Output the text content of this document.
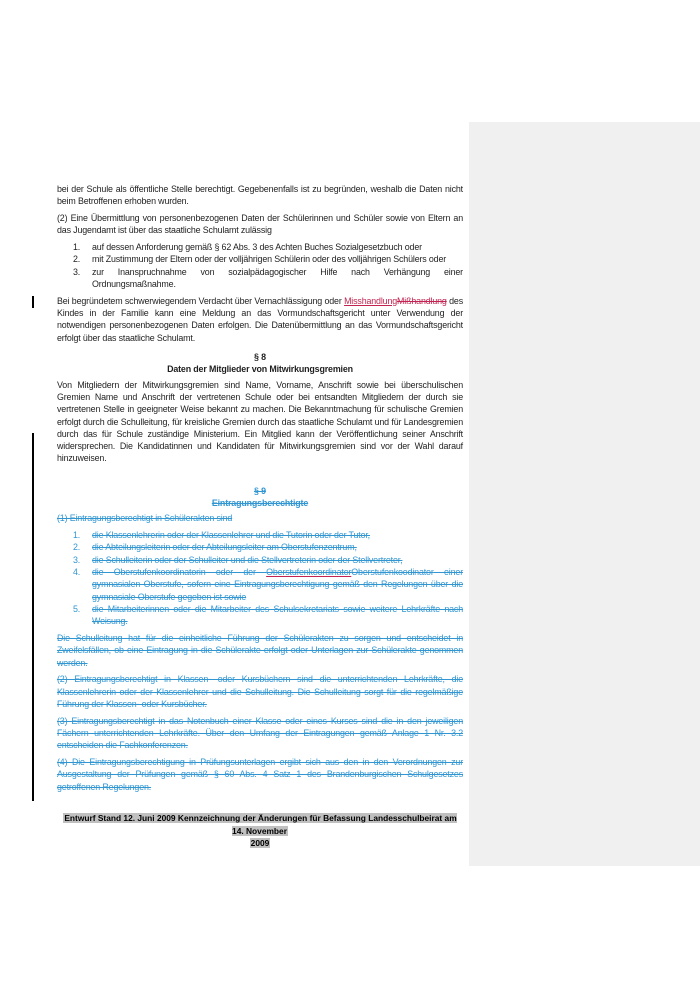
bei der Schule als öffentliche Stelle berechtigt. Gegebenenfalls ist zu begründen, weshalb die Daten nicht beim Betroffenen erhoben wurden.

(2) Eine Übermittlung von personenbezogenen Daten der Schülerinnen und Schüler sowie von Eltern an das Jugendamt ist über das staatliche Schulamt zulässig

1. auf dessen Anforderung gemäß § 62 Abs. 3 des Achten Buches Sozialgesetzbuch oder
2. mit Zustimmung der Eltern oder der volljährigen Schülerin oder des volljährigen Schülers oder
3. zur Inanspruchnahme von sozialpädagogischer Hilfe nach Verhängung einer Ordnungsmaßnahme.

Bei begründetem schwerwiegendem Verdacht über Vernachlässigung oder MisshandlungMißhandlung des Kindes in der Familie kann eine Meldung an das Vormundschaftsgericht unter Verwendung der notwendigen personenbezogenen Daten erfolgen. Die Datenübermittlung an das Vormundschaftsgericht erfolgt über das staatliche Schulamt.

§ 8
Daten der Mitglieder von Mitwirkungsgremien

Von Mitgliedern der Mitwirkungsgremien sind Name, Vorname, Anschrift sowie bei überschulischen Gremien Name und Anschrift der vertretenen Schule oder bei entsandten Mitgliedern der durch sie vertretenen Stelle in geeigneter Weise bekannt zu machen. Die Bekanntmachung für schulische Gremien erfolgt durch die Schulleitung, für kreisliche Gremien durch das staatliche Schulamt und für Landesgremien durch das für Schule zuständige Ministerium. Ein Mitglied kann der Veröffentlichung seiner Anschrift widersprechen. Die Kandidatinnen und Kandidaten für Mitwirkungsgremien sind vor der Wahl darauf hinzuweisen.

§ 9
Eintragungsberechtigte

(1) Eintragungsberechtigt in Schülerakten sind

1. die Klassenlehrerin oder der Klassenlehrer und die Tutorin oder der Tutor,
2. die Abteilungsleiterin oder der Abteilungsleiter am Oberstufenzentrum,
3. die Schulleiterin oder der Schulleiter und die Stellvertreterin oder der Stellvertreter,
4. die Oberstufenkoordinatorin oder der OberstufenkoordinatorOberstufenkoodinator einer gymnasialen Oberstufe, sofern eine Eintragungsberechtigung gemäß den Regelungen über die gymnasiale Oberstufe gegeben ist sowie
5. die Mitarbeiterinnen oder die Mitarbeiter des Schulsekretariats sowie weitere Lehrkräfte nach Weisung.

Die Schulleitung hat für die einheitliche Führung der Schülerakten zu sorgen und entscheidet in Zweifelsfällen, ob eine Eintragung in die Schülerakte erfolgt oder Unterlagen zur Schülerakte genommen werden.

(2) Eintragungsberechtigt in Klassen- oder Kursbüchern sind die unterrichtenden Lehrkräfte, die Klassenlehrerin oder der Klassenlehrer und die Schulleitung. Die Schulleitung sorgt für die regelmäßige Führung der Klassen- oder Kursbücher.

(3) Eintragungsberechtigt in das Notenbuch einer Klasse oder eines Kurses sind die in den jeweiligen Fächern unterrichtenden Lehrkräfte. Über den Umfang der Eintragungen gemäß Anlage 1 Nr. 3.2 entscheiden die Fachkonferenzen.

(4) Die Eintragungsberechtigung in Prüfungsunterlagen ergibt sich aus den in den Verordnungen zur Ausgestaltung der Prüfungen gemäß § 60 Abs. 4 Satz 1 des Brandenburgischen Schulgesetzes getroffenen Regelungen.

Entwurf Stand 12. Juni 2009 Kennzeichnung der Änderungen für Befassung Landesschulbeirat am 14. November
2009
